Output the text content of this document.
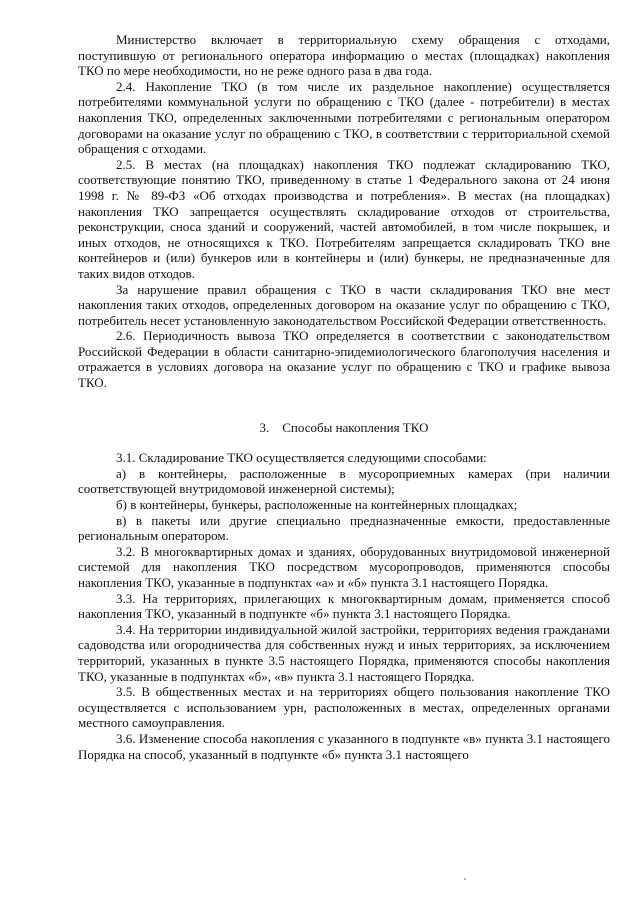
Министерство включает в территориальную схему обращения с отходами, поступившую от регионального оператора информацию о местах (площадках) накопления ТКО по мере необходимости, но не реже одного раза в два года.

2.4. Накопление ТКО (в том числе их раздельное накопление) осуществляется потребителями коммунальной услуги по обращению с ТКО (далее - потребители) в местах накопления ТКО, определенных заключенными потребителями с региональным оператором договорами на оказание услуг по обращению с ТКО, в соответствии с территориальной схемой обращения с отходами.

2.5. В местах (на площадках) накопления ТКО подлежат складированию ТКО, соответствующие понятию ТКО, приведенному в статье 1 Федерального закона от 24 июня 1998 г. № 89-ФЗ «Об отходах производства и потребления». В местах (на площадках) накопления ТКО запрещается осуществлять складирование отходов от строительства, реконструкции, сноса зданий и сооружений, частей автомобилей, в том числе покрышек, и иных отходов, не относящихся к ТКО. Потребителям запрещается складировать ТКО вне контейнеров и (или) бункеров или в контейнеры и (или) бункеры, не предназначенные для таких видов отходов.

За нарушение правил обращения с ТКО в части складирования ТКО вне мест накопления таких отходов, определенных договором на оказание услуг по обращению с ТКО, потребитель несет установленную законодательством Российской Федерации ответственность.

2.6. Периодичность вывоза ТКО определяется в соответствии с законодательством Российской Федерации в области санитарно-эпидемиологического благополучия населения и отражается в условиях договора на оказание услуг по обращению с ТКО и графике вывоза ТКО.

3. Способы накопления ТКО

3.1. Складирование ТКО осуществляется следующими способами:

а) в контейнеры, расположенные в мусороприемных камерах (при наличии соответствующей внутридомовой инженерной системы);

б) в контейнеры, бункеры, расположенные на контейнерных площадках;

в) в пакеты или другие специально предназначенные емкости, предоставленные региональным оператором.

3.2. В многоквартирных домах и зданиях, оборудованных внутридомовой инженерной системой для накопления ТКО посредством мусоропроводов, применяются способы накопления ТКО, указанные в подпунктах «а» и «б» пункта 3.1 настоящего Порядка.

3.3. На территориях, прилегающих к многоквартирным домам, применяется способ накопления ТКО, указанный в подпункте «б» пункта 3.1 настоящего Порядка.

3.4. На территории индивидуальной жилой застройки, территориях ведения гражданами садоводства или огородничества для собственных нужд и иных территориях, за исключением территорий, указанных в пункте 3.5 настоящего Порядка, применяются способы накопления ТКО, указанные в подпунктах «б», «в» пункта 3.1 настоящего Порядка.

3.5. В общественных местах и на территориях общего пользования накопление ТКО осуществляется с использованием урн, расположенных в местах, определенных органами местного самоуправления.

3.6. Изменение способа накопления с указанного в подпункте «в» пункта 3.1 настоящего Порядка на способ, указанный в подпункте «б» пункта 3.1 настоящего
